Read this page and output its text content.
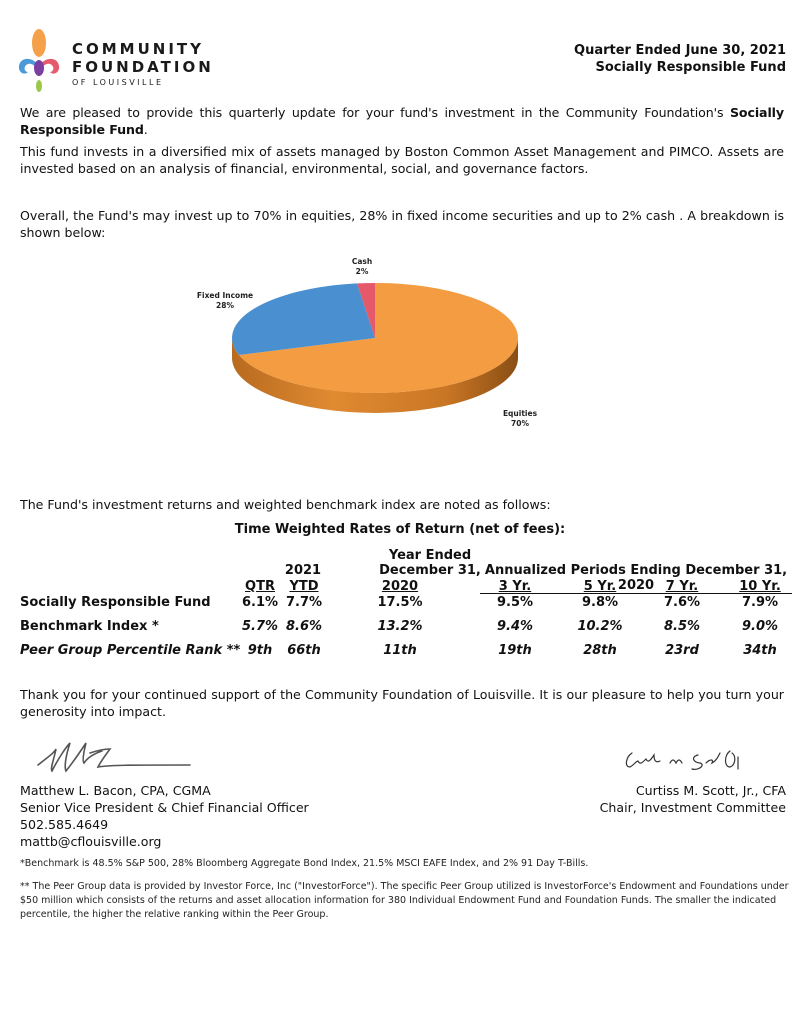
COMMUNITY
FOUNDATION
OF LOUISVILLE
Quarter Ended June 30, 2021
Socially Responsible Fund
We are pleased to provide this quarterly update for your fund's investment in the Community Foundation's Socially Responsible Fund.
This fund invests in a diversified mix of assets managed by Boston Common Asset Management and PIMCO. Assets are invested based on an analysis of financial, environmental, social, and governance factors.
Overall, the Fund's may invest up to 70% in equities, 28% in fixed income securities and up to 2% cash . A breakdown is shown below:
Equities
70%
Fixed Income
28%
Cash
2%
The Fund's investment returns and weighted benchmark index are noted as follows:
Time Weighted Rates of Return (net of fees):
Year Ended
2021	December 31, Annualized Periods Ending December 31, 2020
QTR	YTD	2020	3 Yr.	5 Yr.	7 Yr.	10 Yr.
Socially Responsible Fund	6.1% 7.7%	17.5%	9.5%	9.8%	7.6%	7.9%
Benchmark Index *	5.7% 8.6%	13.2%	9.4%	10.2%	8.5%	9.0%
Peer Group Percentile Rank ** 9th	66th	11th	19th	28th	23rd	34th
Thank you for your continued support of the Community Foundation of Louisville. It is our pleasure to help you turn your generosity into impact.
Matthew L. Bacon, CPA, CGMA
Senior Vice President & Chief Financial Officer
502.585.4649
mattb@cflouisville.org
Curtiss M. Scott, Jr., CFA
Chair, Investment Committee
*Benchmark is 48.5% S&P 500, 28% Bloomberg Aggregate Bond Index, 21.5% MSCI EAFE Index, and 2% 91 Day T-Bills.
** The Peer Group data is provided by Investor Force, Inc ("InvestorForce"). The specific Peer Group utilized is InvestorForce's Endowment and Foundations under $50 million which consists of the returns and asset allocation information for 380 Individual Endowment Fund and Foundation Funds. The smaller the indicated percentile, the higher the relative ranking within the Peer Group.
